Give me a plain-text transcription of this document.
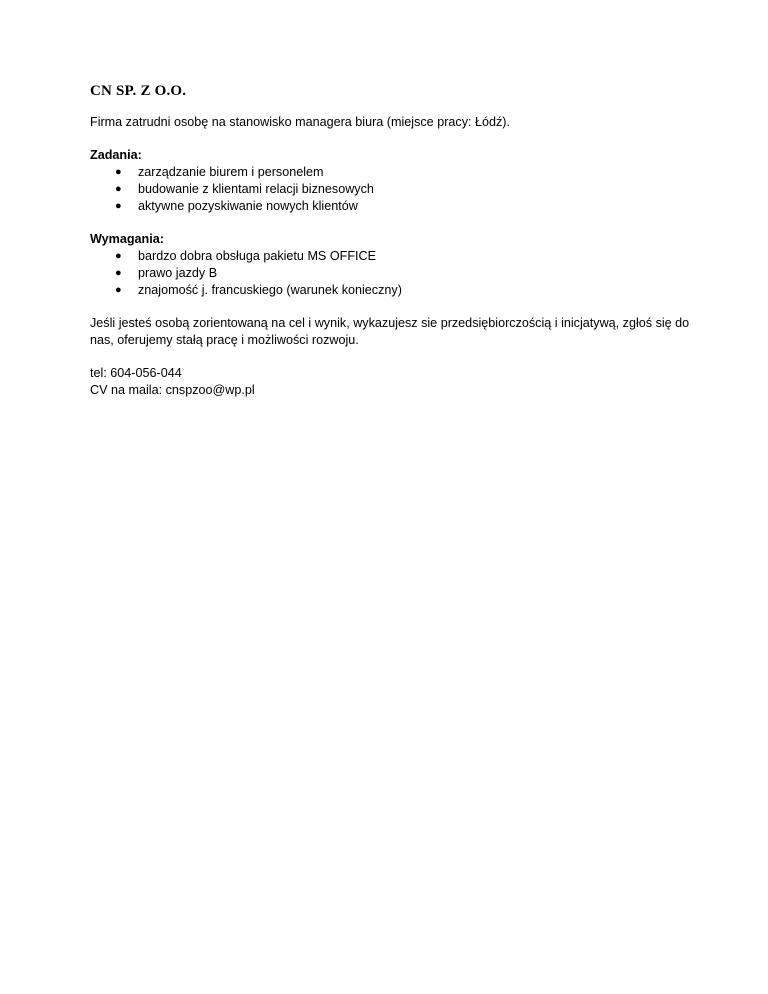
CN SP. Z O.O.

Firma zatrudni osobę na stanowisko managera biura (miejsce pracy: Łódź).

Zadania:

● zarządzanie biurem i personelem
● budowanie z klientami relacji biznesowych
● aktywne pozyskiwanie nowych klientów

Wymagania:

● bardzo dobra obsługa pakietu MS OFFICE
● prawo jazdy B
● znajomość j. francuskiego (warunek konieczny)

Jeśli jesteś osobą zorientowaną na cel i wynik, wykazujesz sie przedsiębiorczością i inicjatywą, zgłoś się do nas, oferujemy stałą pracę i możliwości rozwoju.

tel: 604-056-044

CV na maila: cnspzoo@wp.pl
